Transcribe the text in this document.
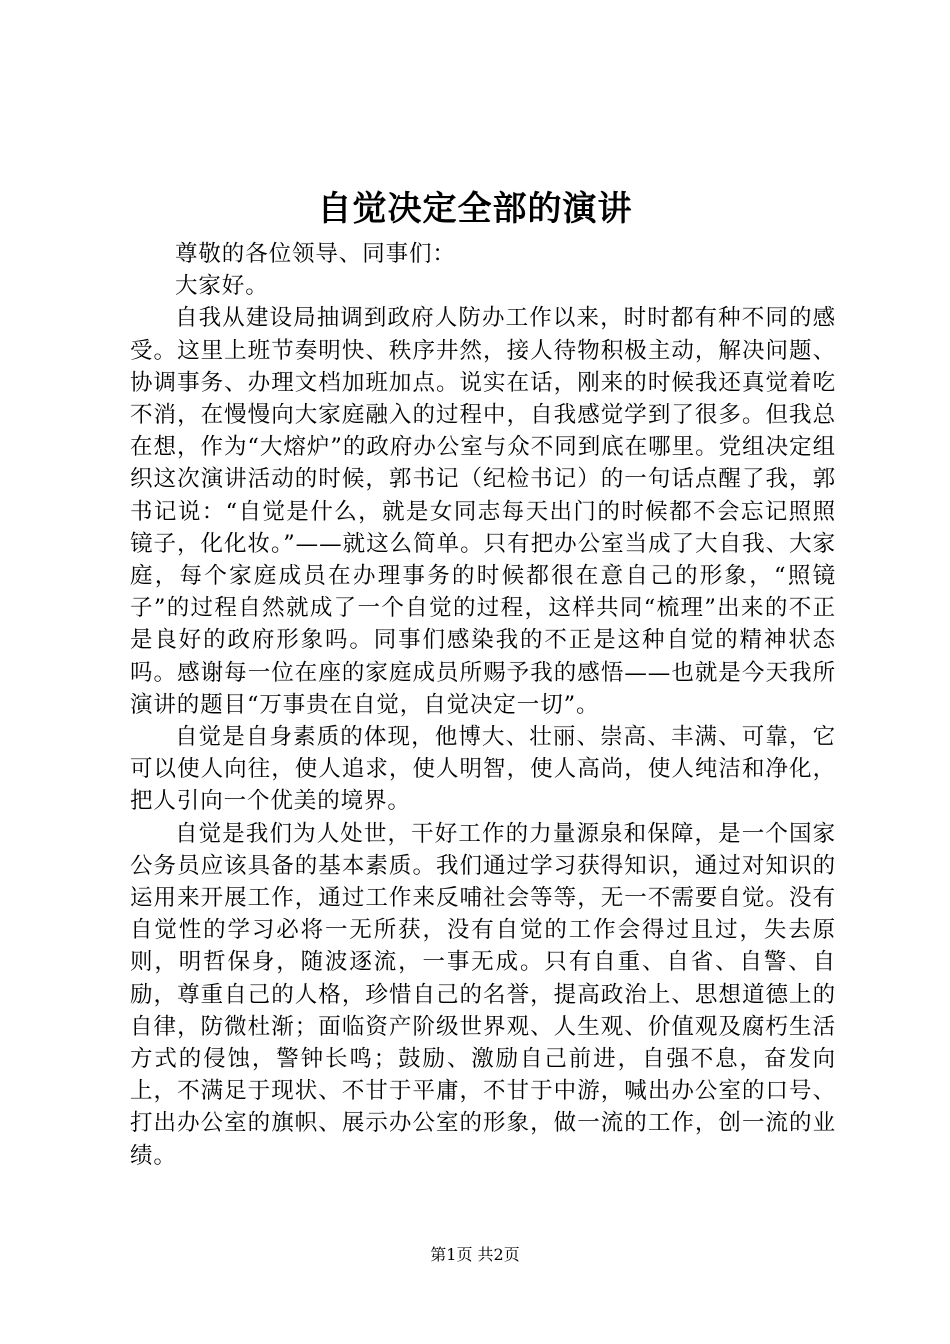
自觉决定全部的演讲

尊敬的各位领导、同事们：

大家好。

自我从建设局抽调到政府人防办工作以来，时时都有种不同的感受。这里上班节奏明快、秩序井然，接人待物积极主动，解决问题、协调事务、办理文档加班加点。说实在话，刚来的时候我还真觉着吃不消，在慢慢向大家庭融入的过程中，自我感觉学到了很多。但我总在想，作为“大熔炉”的政府办公室与众不同到底在哪里。党组决定组织这次演讲活动的时候，郭书记（纪检书记）的一句话点醒了我，郭书记说：“自觉是什么，就是女同志每天出门的时候都不会忘记照照镜子，化化妆。”——就这么简单。只有把办公室当成了大自我、大家庭，每个家庭成员在办理事务的时候都很在意自己的形象，“照镜子”的过程自然就成了一个自觉的过程，这样共同“梳理”出来的不正是良好的政府形象吗。同事们感染我的不正是这种自觉的精神状态吗。感谢每一位在座的家庭成员所赐予我的感悟——也就是今天我所演讲的题目“万事贵在自觉，自觉决定一切”。

自觉是自身素质的体现，他博大、壮丽、崇高、丰满、可靠，它可以使人向往，使人追求，使人明智，使人高尚，使人纯洁和净化，把人引向一个优美的境界。

自觉是我们为人处世，干好工作的力量源泉和保障，是一个国家公务员应该具备的基本素质。我们通过学习获得知识，通过对知识的运用来开展工作，通过工作来反哺社会等等，无一不需要自觉。没有自觉性的学习必将一无所获，没有自觉的工作会得过且过，失去原则，明哲保身，随波逐流，一事无成。只有自重、自省、自警、自励，尊重自己的人格，珍惜自己的名誉，提高政治上、思想道德上的自律，防微杜渐；面临资产阶级世界观、人生观、价值观及腐朽生活方式的侵蚀，警钟长鸣；鼓励、激励自己前进，自强不息，奋发向上，不满足于现状、不甘于平庸，不甘于中游，喊出办公室的口号、打出办公室的旗帜、展示办公室的形象，做一流的工作，创一流的业绩。

第1页 共2页
